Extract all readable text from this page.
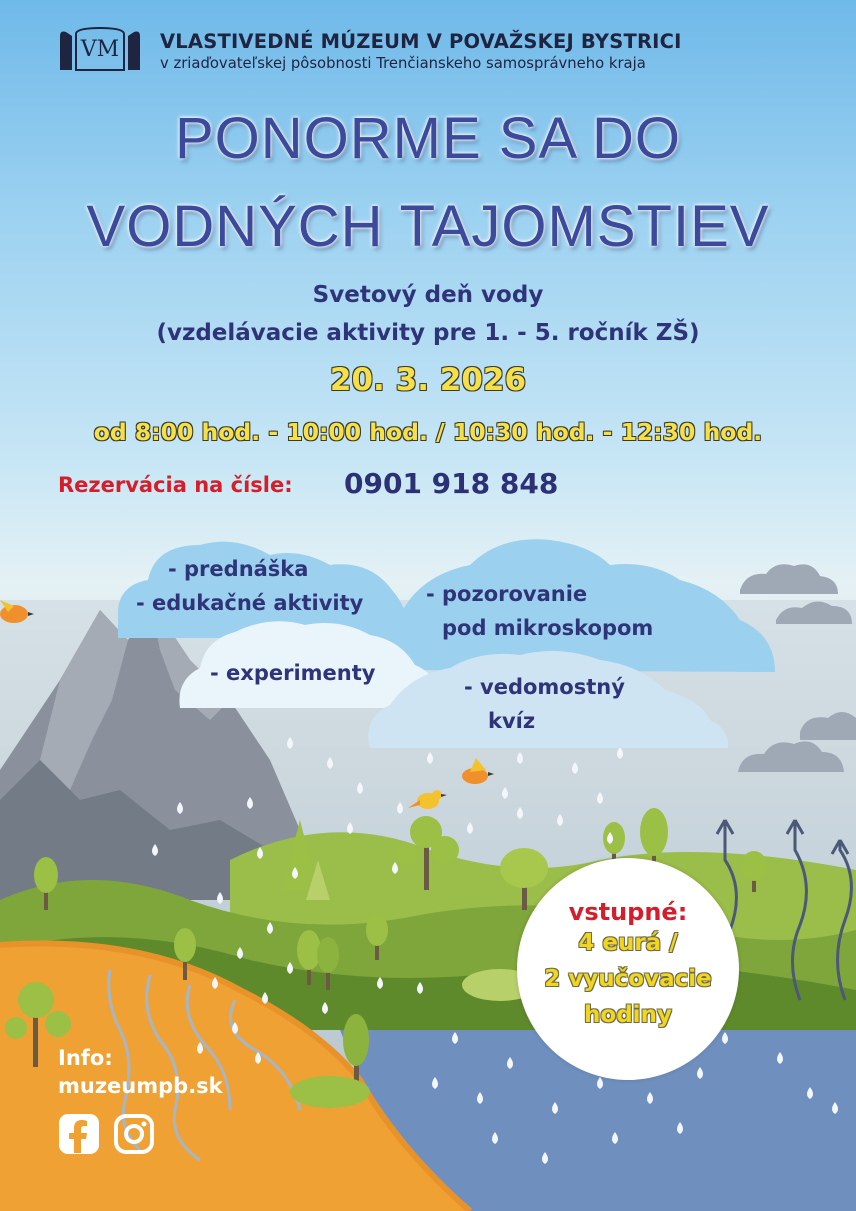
VM VLASTIVEDNÉ MÚZEUM V POVAŽSKEJ BYSTRICI
v zriaďovateľskej pôsobnosti Trenčianskeho samosprávneho kraja
PONORME SA DO
VODNÝCH TAJOMSTIEV
Svetový deň vody
(vzdelávacie aktivity pre 1. - 5. ročník ZŠ)
20. 3. 2026
od 8:00 hod. - 10:00 hod. / 10:30 hod. - 12:30 hod.
Rezervácia na čísle: 0901 918 848
- prednáška
- edukačné aktivity	- pozorovanie
pod mikroskopom
- experimenty
- vedomostný
kvíz
vstupné:
4 eurá /
2 vyučovacie
hodiny
Info:
muzeumpb.sk
